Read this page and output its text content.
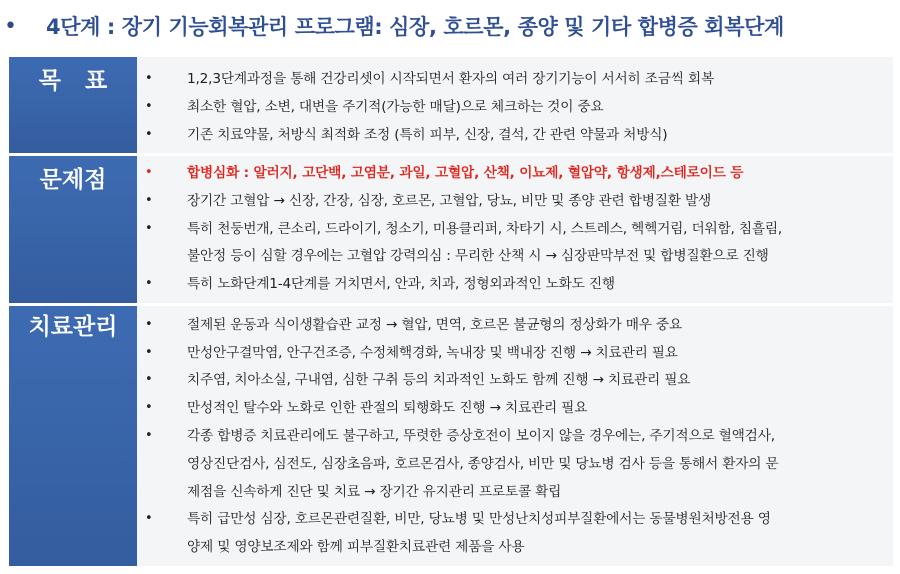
• 4단계 : 장기 기능회복관리 프로그램: 심장, 호르몬, 종양 및 기타 합병증 회복단계
목   표	•	1,2,3단계과정을 통해 건강리셋이 시작되면서 환자의 여러 장기기능이 서서히 조금씩 회복
•	최소한 혈압, 소변, 대변을 주기적(가능한 매달)으로 체크하는 것이 중요
•	기존 치료약물, 처방식 최적화 조정 (특히 피부, 신장, 결석, 간 관련 약물과 처방식)
문제점	•	합병심화 : 알러지, 고단백, 고염분, 과일, 고혈압, 산책, 이뇨제, 혈압약, 항생제,스테로이드 등
•	장기간 고혈압 → 신장, 간장, 심장, 호르몬, 고혈압, 당뇨, 비만 및 종양 관련 합병질환 발생
•	특히 천둥번개, 큰소리, 드라이기, 청소기, 미용클리퍼, 차타기 시, 스트레스, 헥헥거림, 더워함, 침흘림,
불안정 등이 심할 경우에는 고혈압 강력의심 : 무리한 산책 시 → 심장판막부전 및 합병질환으로 진행
•	특히 노화단계1-4단계를 거치면서, 안과, 치과, 정형외과적인 노화도 진행
치료관리	•	절제된 운동과 식이생활습관 교정 → 혈압, 면역, 호르몬 불균형의 정상화가 매우 중요
•	만성안구결막염, 안구건조증, 수정체핵경화, 녹내장 및 백내장 진행 → 치료관리 필요
•	치주염, 치아소실, 구내염, 심한 구취 등의 치과적인 노화도 함께 진행 → 치료관리 필요
•	만성적인 탈수와 노화로 인한 관절의 퇴행화도 진행 → 치료관리 필요
•	각종 합병증 치료관리에도 불구하고, 뚜렷한 증상호전이 보이지 않을 경우에는, 주기적으로 혈액검사,
영상진단검사, 심전도, 심장초음파, 호르몬검사, 종양검사, 비만 및 당뇨병 검사 등을 통해서 환자의 문
제점을 신속하게 진단 및 치료 → 장기간 유지관리 프로토콜 확립
•	특히 급만성 심장, 호르몬관련질환, 비만, 당뇨병 및 만성난치성피부질환에서는 동물병원처방전용 영
양제 및 영양보조제와 함께 피부질환치료관련 제품을 사용
